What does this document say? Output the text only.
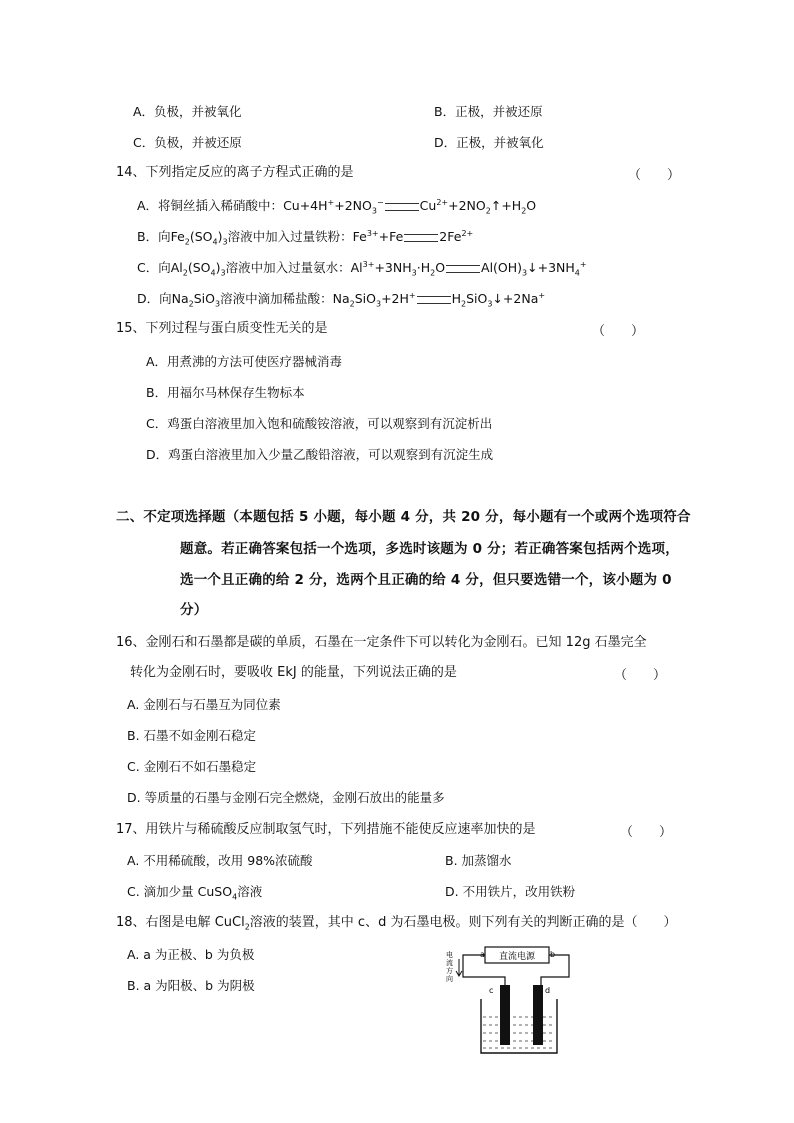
A．负极，并被氧化	B．正极，并被还原
C．负极，并被还原	D．正极，并被氧化
14、下列指定反应的离子方程式正确的是	（　　）
A．将铜丝插入稀硝酸中：$Cu+4H^++2NO_3^-$	$Cu^{2+}+2NO_2↑+H_2O$
B．向$Fe_2(SO_4)_3$溶液中加入过量铁粉：$Fe^{3+}+Fe$	$2Fe^{2+}$
C．向$Al_2(SO_4)_3$溶液中加入过量氨水：$Al^{3+}+3NH_3\cdot H_2O$	$Al(OH)_3↓+3NH_4^+$
D．向$Na_2SiO_3$溶液中滴加稀盐酸：$Na_2SiO_3+2H^+$	$H_2SiO_3↓+2Na^+$
15、下列过程与蛋白质变性无关的是	（　　）
A．用煮沸的方法可使医疗器械消毒
B．用福尔马林保存生物标本
C．鸡蛋白溶液里加入饱和硫酸铵溶液，可以观察到有沉淀析出
D．鸡蛋白溶液里加入少量乙酸铅溶液，可以观察到有沉淀生成
二、不定项选择题（本题包括 5 小题，每小题 4 分，共 20 分，每小题有一个或两个选项符合
题意。若正确答案包括一个选项，多选时该题为 0 分；若正确答案包括两个选项，
选一个且正确的给 2 分，选两个且正确的给 4 分，但只要选错一个，该小题为 0
分）
16、金刚石和石墨都是碳的单质，石墨在一定条件下可以转化为金刚石。已知 12g 石墨完全
转化为金刚石时，要吸收 EkJ 的能量，下列说法正确的是	（　　）
A. 金刚石与石墨互为同位素
B. 石墨不如金刚石稳定
C. 金刚石不如石墨稳定
D. 等质量的石墨与金刚石完全燃烧，金刚石放出的能量多
17、用铁片与稀硫酸反应制取氢气时，下列措施不能使反应速率加快的是	（　　）
A. 不用稀硫酸，改用 98%浓硫酸	B. 加蒸馏水
C. 滴加少量 CuSO$_4$溶液	D. 不用铁片，改用铁粉
18、右图是电解 CuCl$_2$溶液的装置，其中 c、d 为石墨电极。则下列有关的判断正确的是（　　）
A. a 为正极、b 为负极
B. a 为阳极、b 为阴极
直流电源
a	b
电 流 方 向
c	d
